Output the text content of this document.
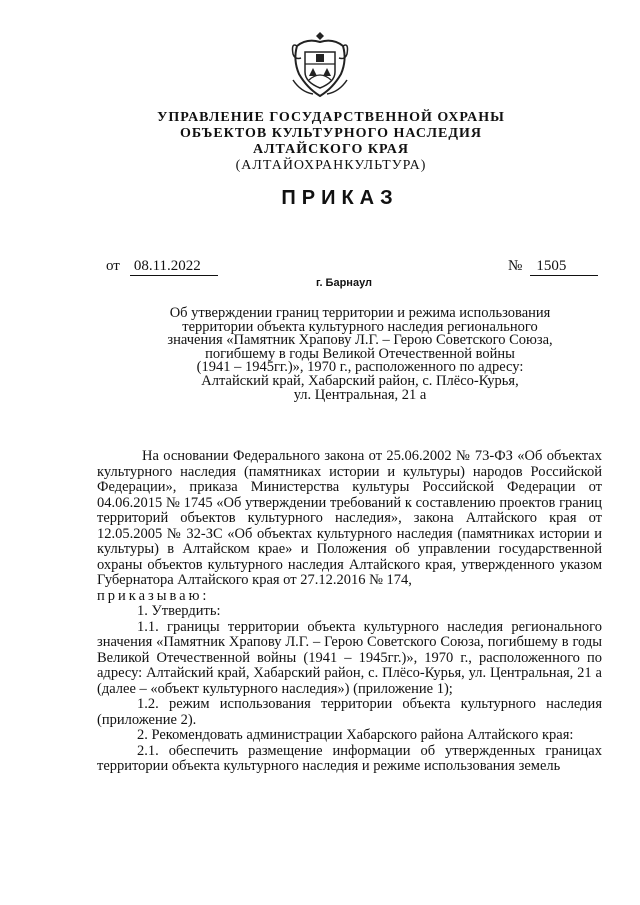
УПРАВЛЕНИЕ ГОСУДАРСТВЕННОЙ ОХРАНЫ
ОБЪЕКТОВ КУЛЬТУРНОГО НАСЛЕДИЯ
АЛТАЙСКОГО КРАЯ
(АЛТАЙОХРАНКУЛЬТУРА)
ПРИКАЗ
от 08.11.2022	№ 1505
г. Барнаул
Об утверждении границ территории и режима использования
территории объекта культурного наследия регионального
значения «Памятник Храпову Л.Г. – Герою Советского Союза,
погибшему в годы Великой Отечественной войны
(1941 – 1945гг.)», 1970 г., расположенного по адресу:
Алтайский край, Хабарский район, с. Плёсо-Курья,
ул. Центральная, 21 а

На основании Федерального закона от 25.06.2002 № 73-ФЗ «Об объектах культурного наследия (памятниках истории и культуры) народов Российской Федерации», приказа Министерства культуры Российской Федерации от 04.06.2015 № 1745 «Об утверждении требований к составлению проектов границ территорий объектов культурного наследия», закона Алтайского края от 12.05.2005 № 32-ЗС «Об объектах культурного наследия (памятниках истории и культуры) в Алтайском крае» и Положения об управлении государственной охраны объектов культурного наследия Алтайского края, утвержденного указом Губернатора Алтайского края от 27.12.2016 № 174,

приказываю:

1. Утвердить:

1.1. границы территории объекта культурного наследия регионального значения «Памятник Храпову Л.Г. – Герою Советского Союза, погибшему в годы Великой Отечественной войны (1941 – 1945гг.)», 1970 г., расположенного по адресу: Алтайский край, Хабарский район, с. Плёсо-Курья, ул. Центральная, 21 а (далее – «объект культурного наследия») (приложение 1);

1.2. режим использования территории объекта культурного наследия (приложение 2).

2. Рекомендовать администрации Хабарского района Алтайского края:

2.1. обеспечить размещение информации об утвержденных границах территории объекта культурного наследия и режиме использования земель
